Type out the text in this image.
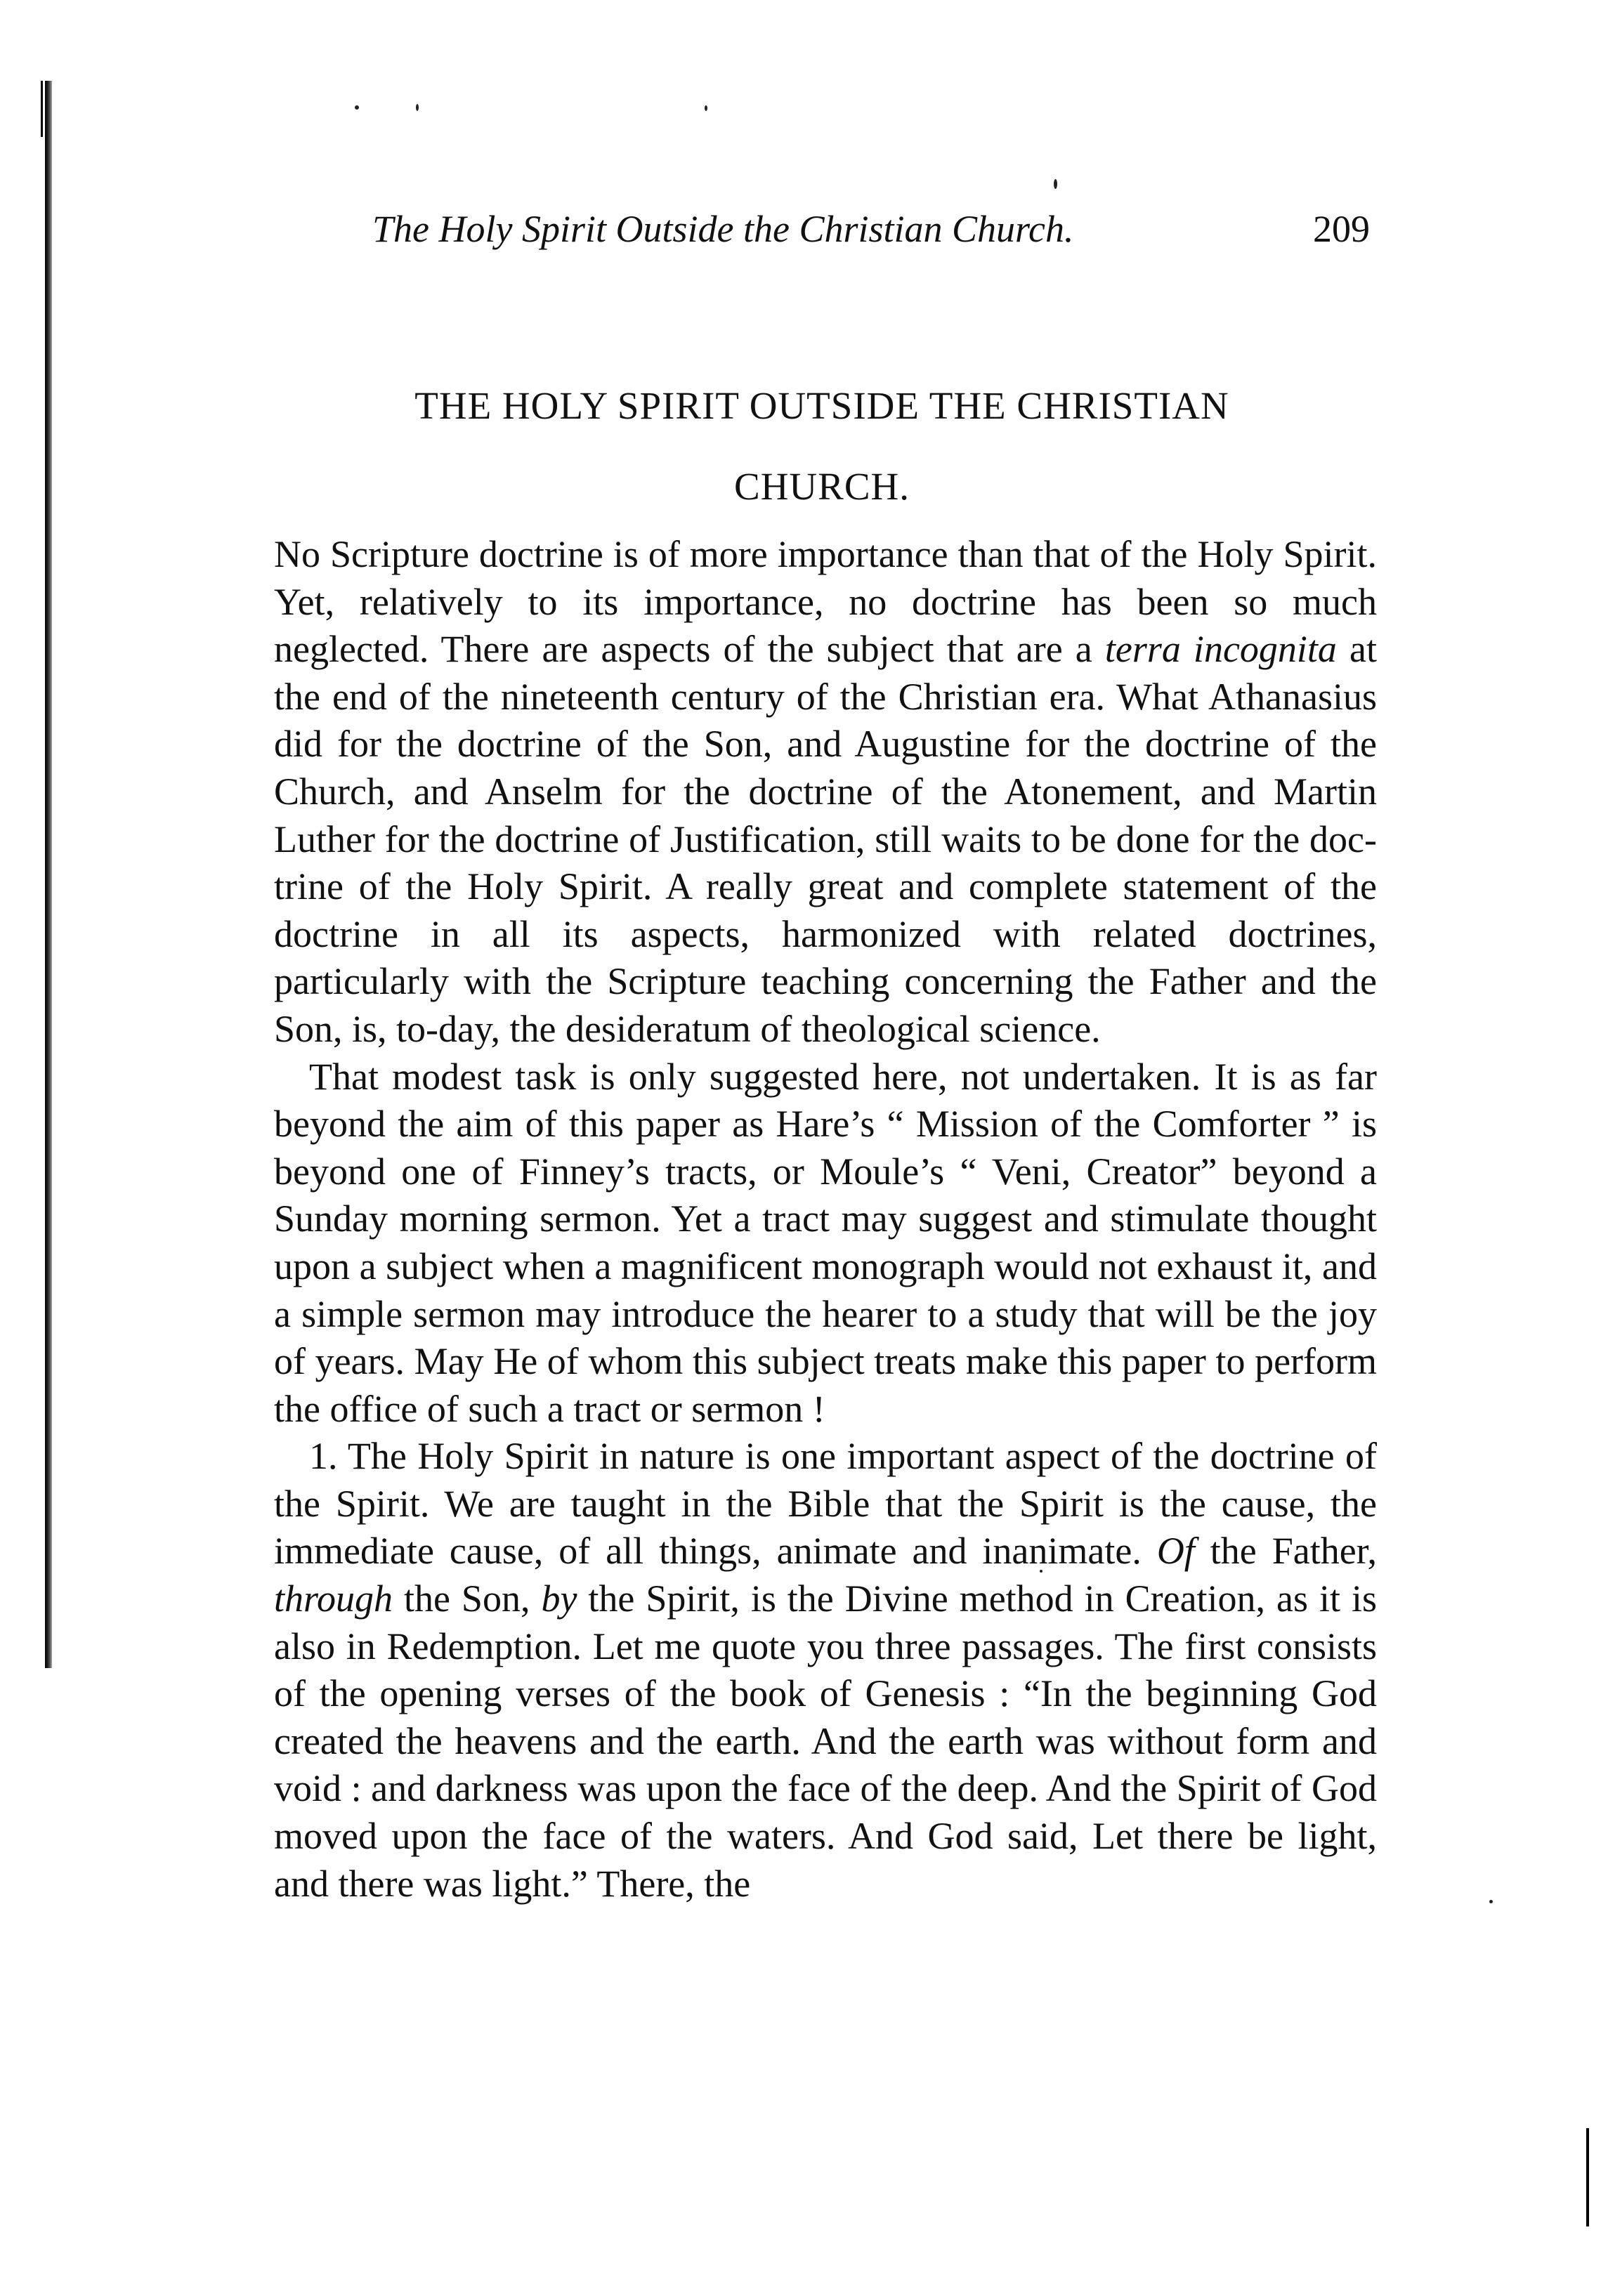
The Holy Spirit Outside the Christian Church.	209
THE HOLY SPIRIT OUTSIDE THE CHRISTIAN
CHURCH.

No Scripture doctrine is of more importance than that of the Holy Spirit. Yet, relatively to its importance, no doctrine has been so much neglected. There are aspects of the subject that are a terra incognita at the end of the nineteenth century of the Christian era. What Athanasius did for the doctrine of the Son, and Augustine for the doctrine of the Church, and Anselm for the doctrine of the Atonement, and Martin Luther for the doctrine of Justification, still waits to be done for the doctrine of the Holy Spirit. A really great and complete statement of the doctrine in all its aspects, harmonized with related doctrines, particularly with the Scripture teaching concerning the Father and the Son, is, to-day, the desideratum of theological science.

That modest task is only suggested here, not undertaken. It is as far beyond the aim of this paper as Hare’s “ Mission of the Comforter ” is beyond one of Finney’s tracts, or Moule’s “ Veni, Creator” beyond a Sunday morning sermon. Yet a tract may suggest and stimulate thought upon a subject when a magnificent monograph would not exhaust it, and a simple sermon may introduce the hearer to a study that will be the joy of years. May He of whom this subject treats make this paper to perform the office of such a tract or sermon !

1. The Holy Spirit in nature is one important aspect of the doctrine of the Spirit. We are taught in the Bible that the Spirit is the cause, the immediate cause, of all things, animate and inanimate. Of the Father, through the Son, by the Spirit, is the Divine method in Creation, as it is also in Redemption. Let me quote you three passages. The first consists of the opening verses of the book of Genesis : “In the beginning God created the heavens and the earth. And the earth was without form and void : and darkness was upon the face of the deep. And the Spirit of God moved upon the face of the waters. And God said, Let there be light, and there was light.” There, the
